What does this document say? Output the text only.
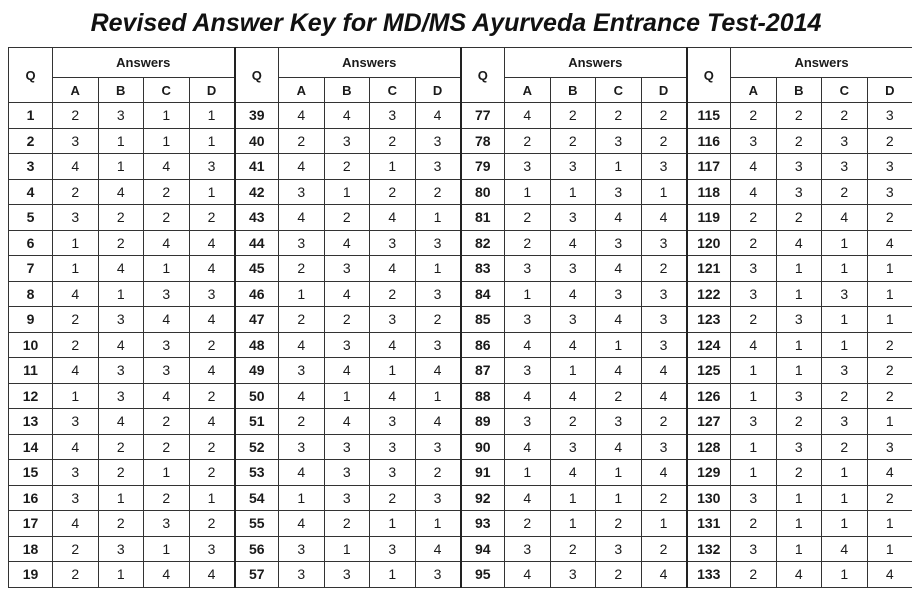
Revised Answer Key for MD/MS Ayurveda Entrance Test-2014
Q	Answers				Q	Answers				Q	Answers				Q	Answers			
	A	B	C	D		A	B	C	D		A	B	C	D		A	B	C	D
1	2	3	1	1	39	4	4	3	4	77	4	2	2	2	115	2	2	2	3
2	3	1	1	1	40	2	3	2	3	78	2	2	3	2	116	3	2	3	2
3	4	1	4	3	41	4	2	1	3	79	3	3	1	3	117	4	3	3	3
4	2	4	2	1	42	3	1	2	2	80	1	1	3	1	118	4	3	2	3
5	3	2	2	2	43	4	2	4	1	81	2	3	4	4	119	2	2	4	2
6	1	2	4	4	44	3	4	3	3	82	2	4	3	3	120	2	4	1	4
7	1	4	1	4	45	2	3	4	1	83	3	3	4	2	121	3	1	1	1
8	4	1	3	3	46	1	4	2	3	84	1	4	3	3	122	3	1	3	1
9	2	3	4	4	47	2	2	3	2	85	3	3	4	3	123	2	3	1	1
10	2	4	3	2	48	4	3	4	3	86	4	4	1	3	124	4	1	1	2
11	4	3	3	4	49	3	4	1	4	87	3	1	4	4	125	1	1	3	2
12	1	3	4	2	50	4	1	4	1	88	4	4	2	4	126	1	3	2	2
13	3	4	2	4	51	2	4	3	4	89	3	2	3	2	127	3	2	3	1
14	4	2	2	2	52	3	3	3	3	90	4	3	4	3	128	1	3	2	3
15	3	2	1	2	53	4	3	3	2	91	1	4	1	4	129	1	2	1	4
16	3	1	2	1	54	1	3	2	3	92	4	1	1	2	130	3	1	1	2
17	4	2	3	2	55	4	2	1	1	93	2	1	2	1	131	2	1	1	1
18	2	3	1	3	56	3	1	3	4	94	3	2	3	2	132	3	1	4	1
19	2	1	4	4	57	3	3	1	3	95	4	3	2	4	133	2	4	1	4
